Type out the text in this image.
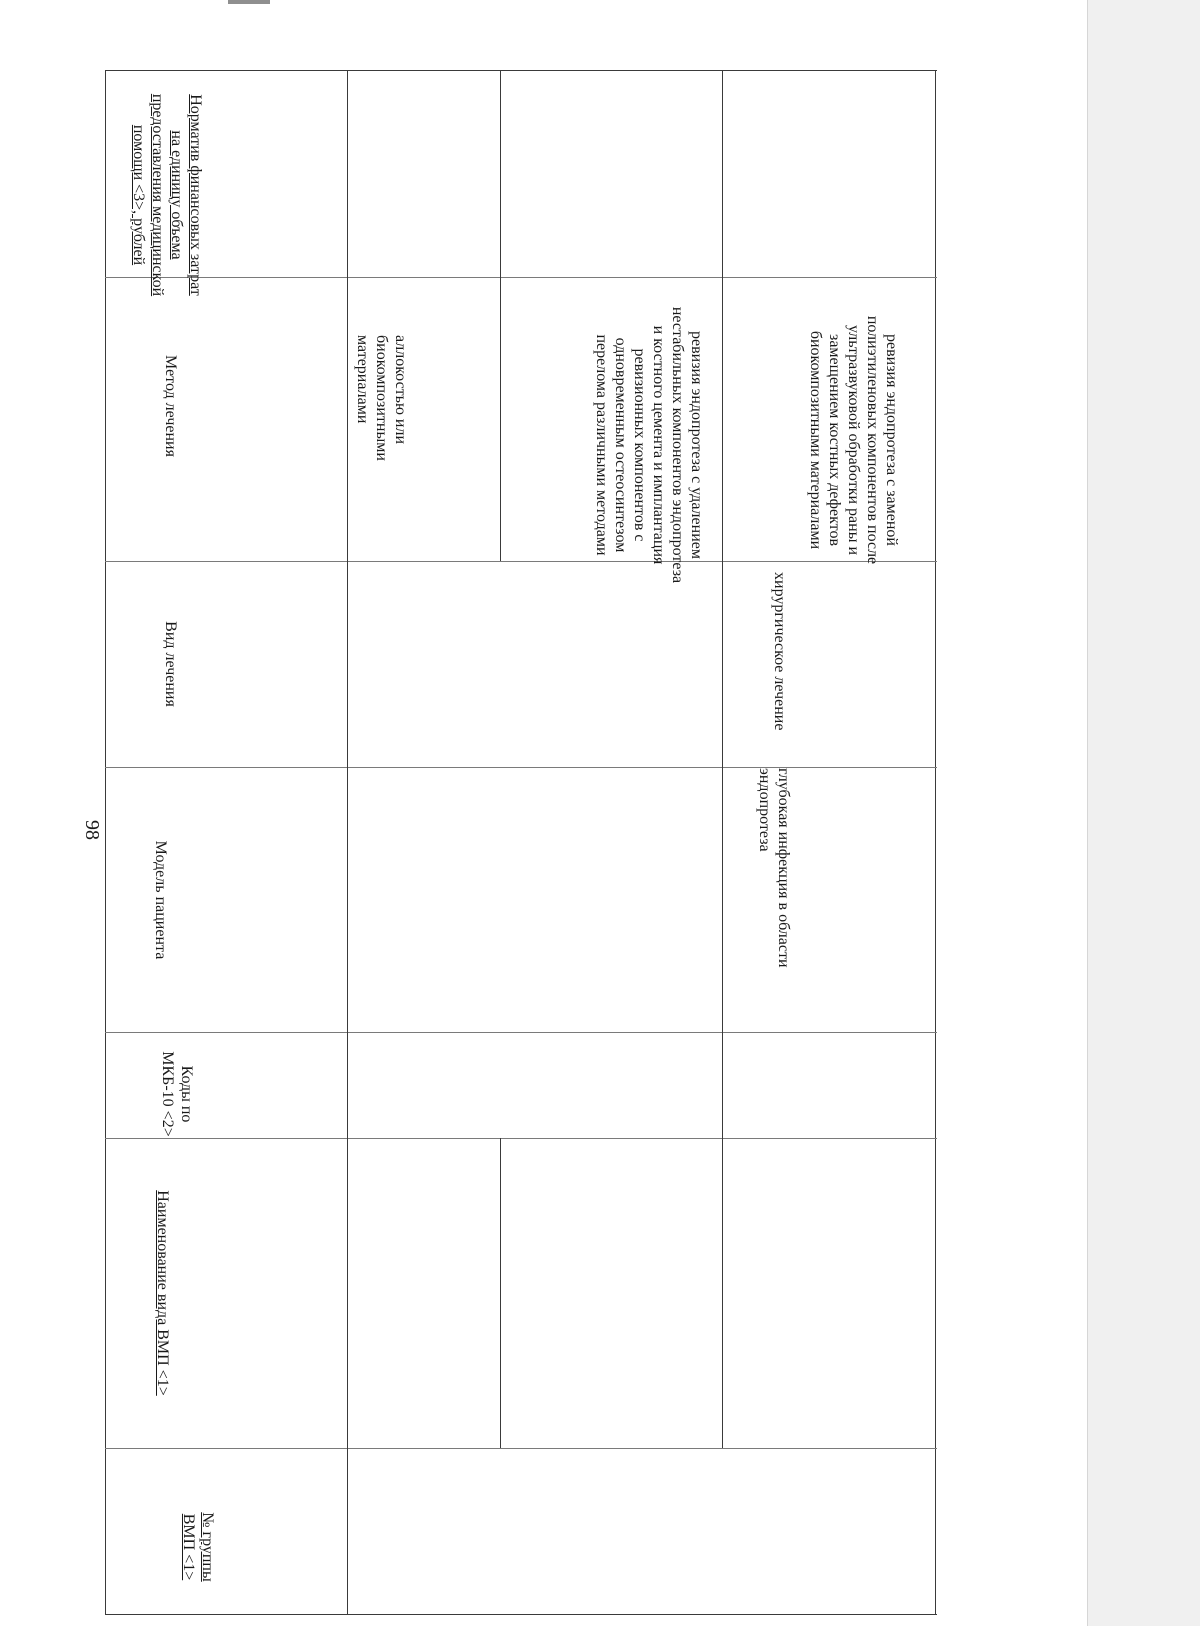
98
Норматив финансовых затрат на единицу объема предоставления медицинской помощи <3>, рублей
Метод лечения
Вид лечения
Модель пациента
Коды по МКБ-10 <2>
Наименование вида ВМП <1>
№ группы ВМП <1>
аллокостью или биокомпозитными материалами	ревизия эндопротеза с удалением нестабильных компонентов эндопротеза и костного цемента и имплантация ревизионных компонентов с одновременным остеосинтезом перелома различными методами	ревизия эндопротеза с заменой полиэтиленовых компонентов после ультразвуковой обработки раны и замещением костных дефектов биокомпозитными материалами
хирургическое лечение
глубокая инфекция в области эндопротеза
